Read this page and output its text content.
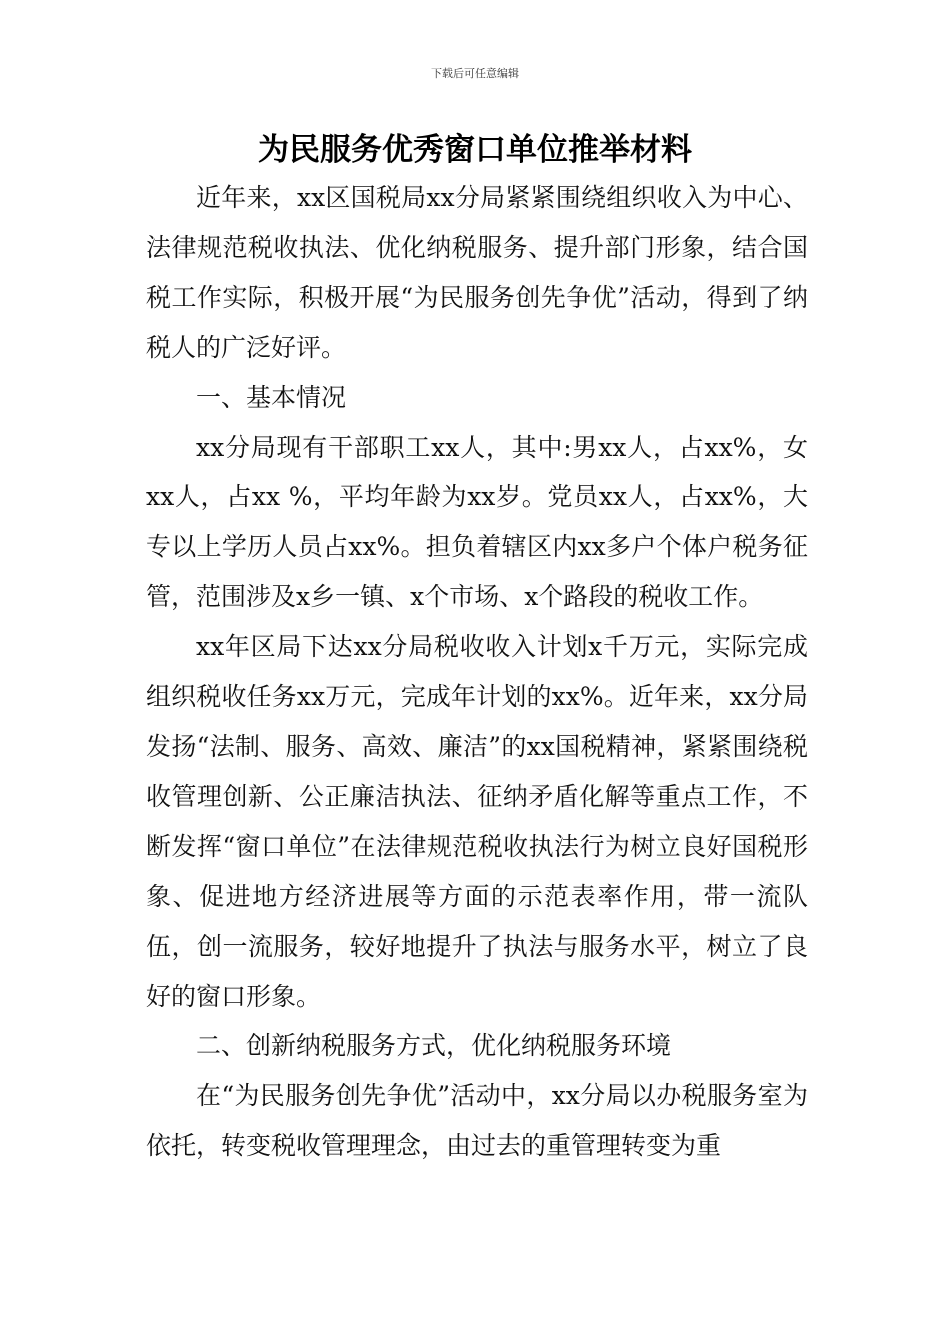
下载后可任意编辑
为民服务优秀窗口单位推举材料

近年来，xx区国税局xx分局紧紧围绕组织收入为中心、法律规范税收执法、优化纳税服务、提升部门形象，结合国税工作实际，积极开展“为民服务创先争优”活动，得到了纳税人的广泛好评。

一、基本情况

xx分局现有干部职工xx人，其中:男xx人，占xx%，女xx人，占xx %，平均年龄为xx岁。党员xx人，占xx%，大专以上学历人员占xx%。担负着辖区内xx多户个体户税务征管，范围涉及x乡一镇、x个市场、x个路段的税收工作。

xx年区局下达xx分局税收收入计划x千万元，实际完成组织税收任务xx万元，完成年计划的xx%。近年来，xx分局发扬“法制、服务、高效、廉洁”的xx国税精神，紧紧围绕税收管理创新、公正廉洁执法、征纳矛盾化解等重点工作，不断发挥“窗口单位”在法律规范税收执法行为树立良好国税形象、促进地方经济进展等方面的示范表率作用，带一流队伍，创一流服务，较好地提升了执法与服务水平，树立了良好的窗口形象。

二、创新纳税服务方式，优化纳税服务环境

在“为民服务创先争优”活动中，xx分局以办税服务室为依托，转变税收管理理念，由过去的重管理转变为重
